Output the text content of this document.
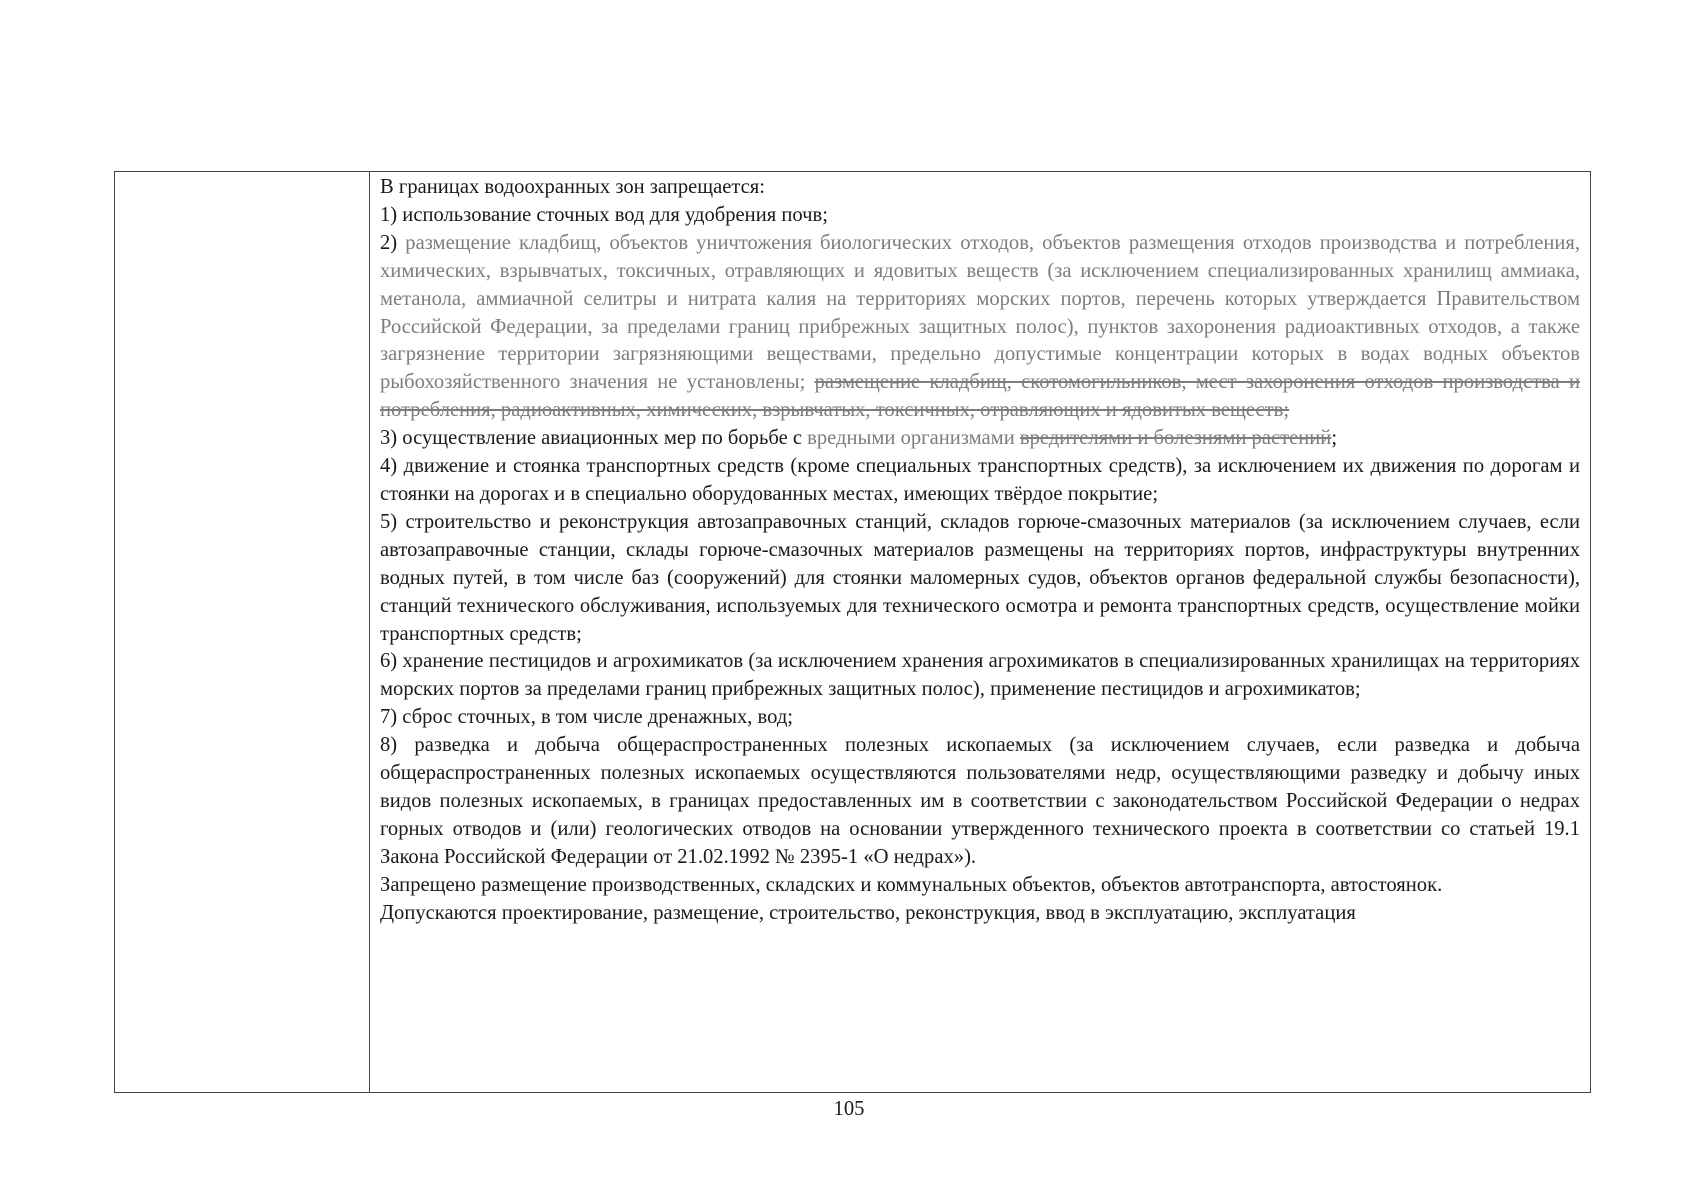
В границах водоохранных зон запрещается:

1) использование сточных вод для удобрения почв;

2) размещение кладбищ, объектов уничтожения биологических отходов, объектов размещения отходов производства и потребления, химических, взрывчатых, токсичных, отравляющих и ядовитых веществ (за исключением специализированных хранилищ аммиака, метанола, аммиачной селитры и нитрата калия на территориях морских портов, перечень которых утверждается Правительством Российской Федерации, за пределами границ прибрежных защитных полос), пунктов захоронения радиоактивных отходов, а также загрязнение территории загрязняющими веществами, предельно допустимые концентрации которых в водах водных объектов рыбохозяйственного значения не установлены; размещение кладбищ, скотомогильников, мест захоронения отходов производства и потребления, радиоактивных, химических, взрывчатых, токсичных, отравляющих и ядовитых веществ;

3) осуществление авиационных мер по борьбе с вредными организмами вредителями и болезнями растений;

4) движение и стоянка транспортных средств (кроме специальных транспортных средств), за исключением их движения по дорогам и стоянки на дорогах и в специально оборудованных местах, имеющих твёрдое покрытие;

5) строительство и реконструкция автозаправочных станций, складов горюче-смазочных материалов (за исключением случаев, если автозаправочные станции, склады горюче-смазочных материалов размещены на территориях портов, инфраструктуры внутренних водных путей, в том числе баз (сооружений) для стоянки маломерных судов, объектов органов федеральной службы безопасности), станций технического обслуживания, используемых для технического осмотра и ремонта транспортных средств, осуществление мойки транспортных средств;

6) хранение пестицидов и агрохимикатов (за исключением хранения агрохимикатов в специализированных хранилищах на территориях морских портов за пределами границ прибрежных защитных полос), применение пестицидов и агрохимикатов;

7) сброс сточных, в том числе дренажных, вод;

8) разведка и добыча общераспространенных полезных ископаемых (за исключением случаев, если разведка и добыча общераспространенных полезных ископаемых осуществляются пользователями недр, осуществляющими разведку и добычу иных видов полезных ископаемых, в границах предоставленных им в соответствии с законодательством Российской Федерации о недрах горных отводов и (или) геологических отводов на основании утвержденного технического проекта в соответствии со статьей 19.1 Закона Российской Федерации от 21.02.1992 № 2395-1 «О недрах»).

Запрещено размещение производственных, складских и коммунальных объектов, объектов автотранспорта, автостоянок.

Допускаются проектирование, размещение, строительство, реконструкция, ввод в эксплуатацию, эксплуатация

105
